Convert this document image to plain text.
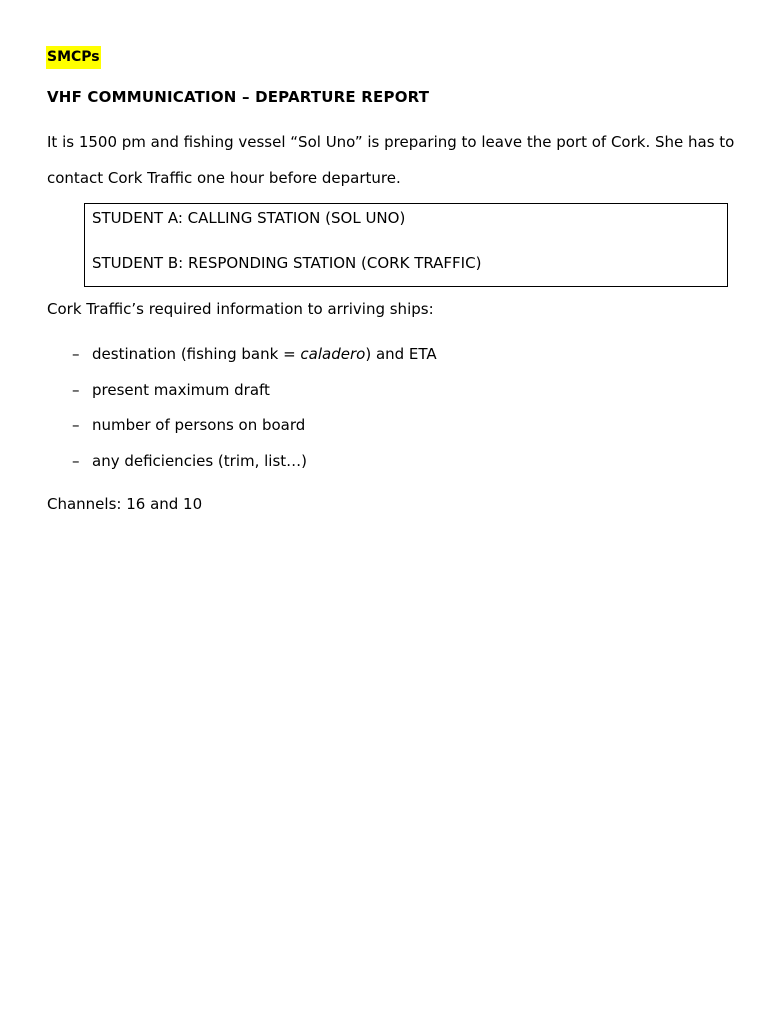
SMCPs
VHF COMMUNICATION – DEPARTURE REPORT
It is 1500 pm and fishing vessel “Sol Uno” is preparing to leave the port of Cork. She has to contact Cork Traffic one hour before departure.
STUDENT A: CALLING STATION (SOL UNO)
STUDENT B: RESPONDING STATION (CORK TRAFFIC)
Cork Traffic’s required information to arriving ships:
– destination (fishing bank = caladero) and ETA
– present maximum draft
– number of persons on board
– any deficiencies (trim, list…)
Channels: 16 and 10
